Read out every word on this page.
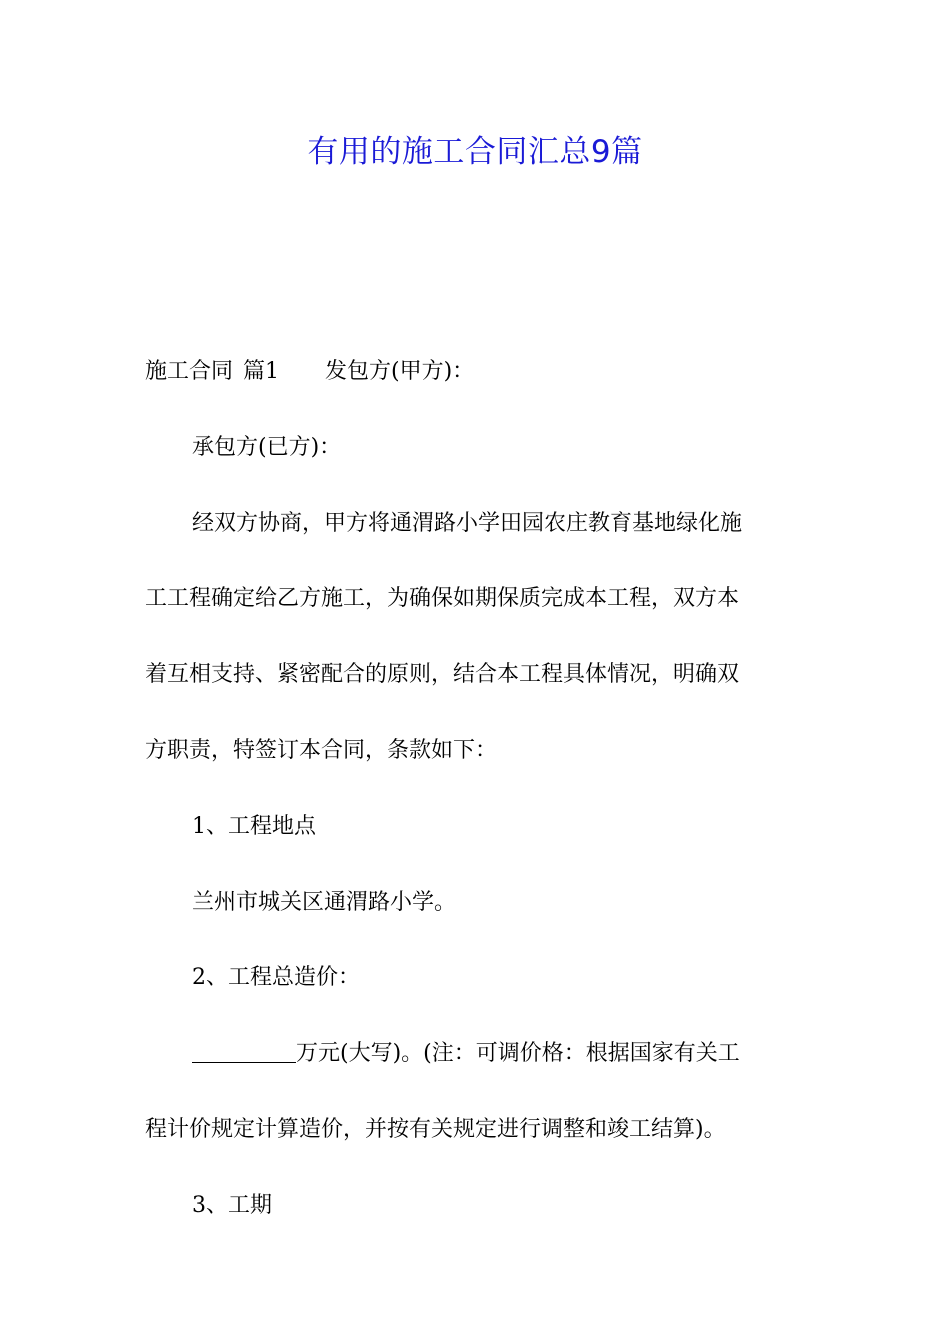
有用的施工合同汇总9篇
施工合同 篇1 发包方(甲方)：
承包方(已方)：
经双方协商，甲方将通渭路小学田园农庄教育基地绿化施
工工程确定给乙方施工，为确保如期保质完成本工程，双方本
着互相支持、紧密配合的原则，结合本工程具体情况，明确双
方职责，特签订本合同，条款如下：
1、工程地点
兰州市城关区通渭路小学。
2、工程总造价：
万元(大写)。(注：可调价格：根据国家有关工
程计价规定计算造价，并按有关规定进行调整和竣工结算)。
3、工期
